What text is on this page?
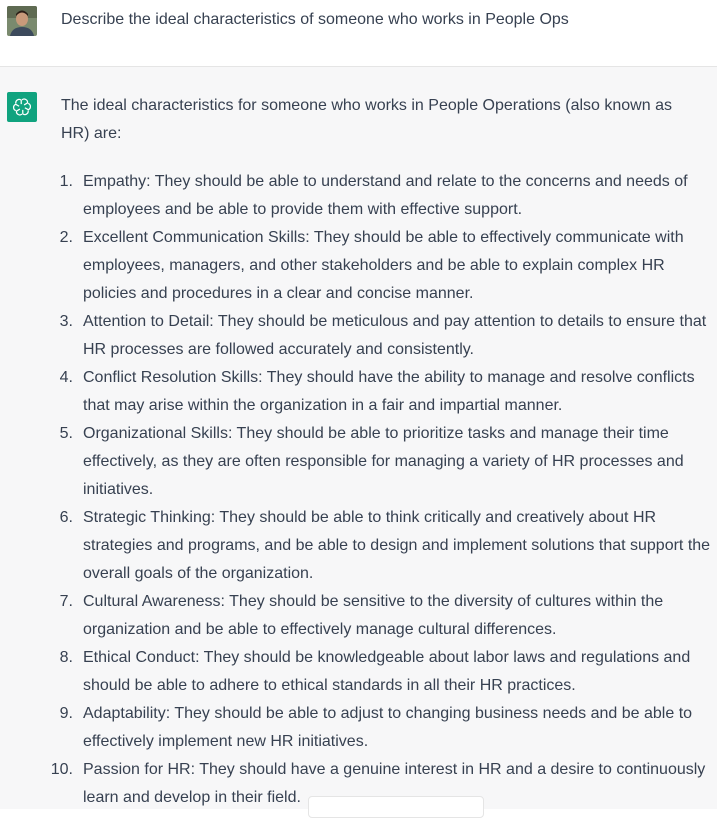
Describe the ideal characteristics of someone who works in People Ops

The ideal characteristics for someone who works in People Operations (also known as HR) are:

1. Empathy: They should be able to understand and relate to the concerns and needs of employees and be able to provide them with effective support.
2. Excellent Communication Skills: They should be able to effectively communicate with employees, managers, and other stakeholders and be able to explain complex HR policies and procedures in a clear and concise manner.
3. Attention to Detail: They should be meticulous and pay attention to details to ensure that HR processes are followed accurately and consistently.
4. Conflict Resolution Skills: They should have the ability to manage and resolve conflicts that may arise within the organization in a fair and impartial manner.
5. Organizational Skills: They should be able to prioritize tasks and manage their time effectively, as they are often responsible for managing a variety of HR processes and initiatives.
6. Strategic Thinking: They should be able to think critically and creatively about HR strategies and programs, and be able to design and implement solutions that support the overall goals of the organization.
7. Cultural Awareness: They should be sensitive to the diversity of cultures within the organization and be able to effectively manage cultural differences.
8. Ethical Conduct: They should be knowledgeable about labor laws and regulations and should be able to adhere to ethical standards in all their HR practices.
9. Adaptability: They should be able to adjust to changing business needs and be able to effectively implement new HR initiatives.
10. Passion for HR: They should have a genuine interest in HR and a desire to continuously learn and develop in their field.
